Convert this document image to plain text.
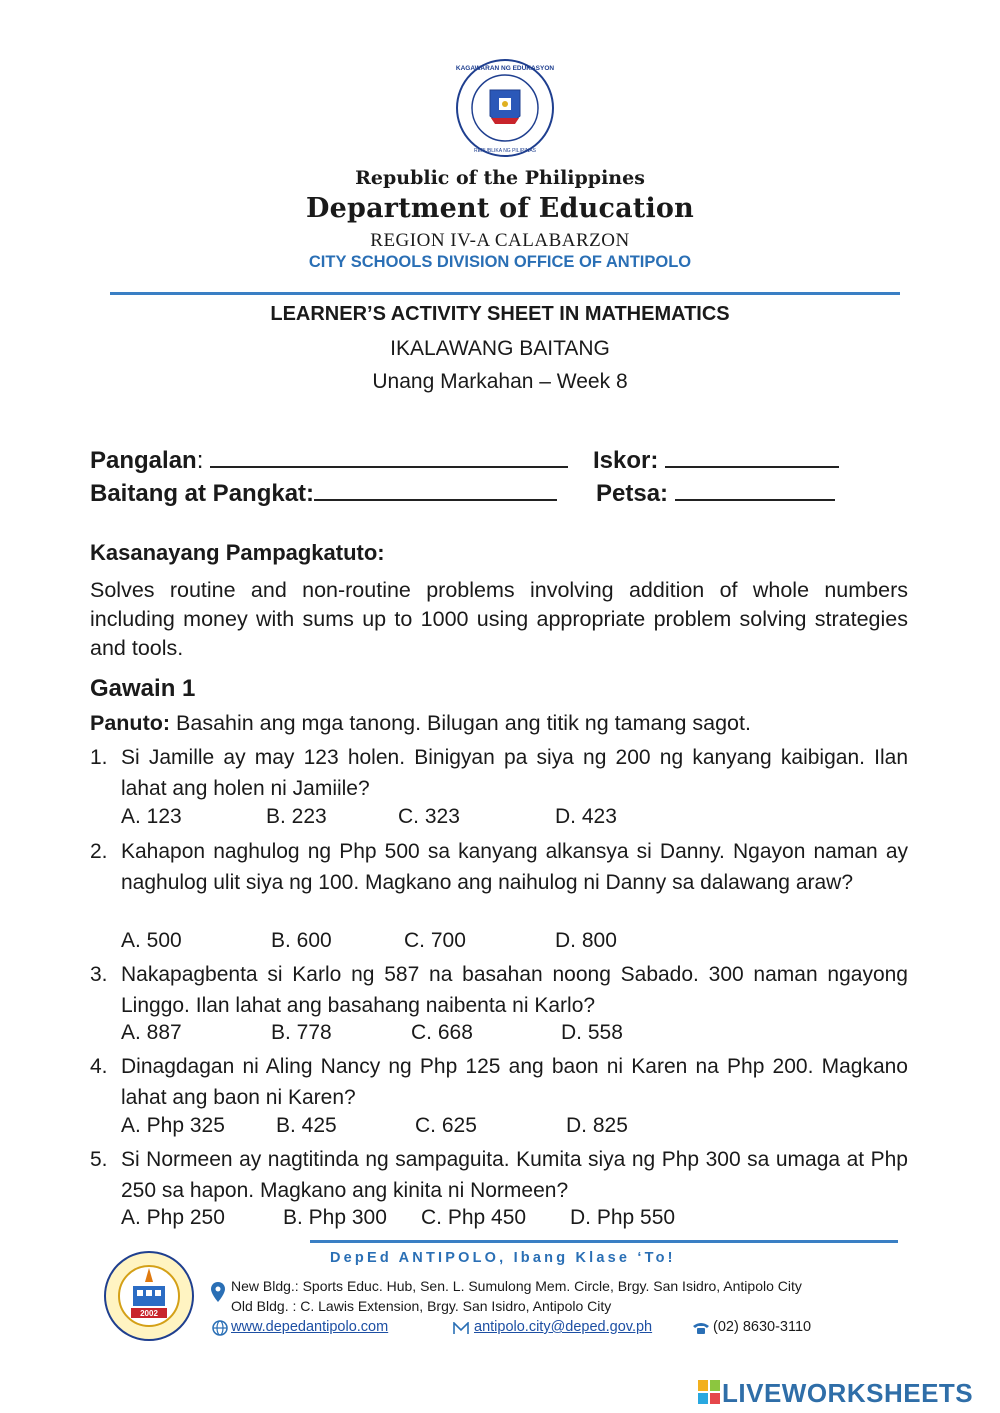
KAGAWARAN NG EDUKASYON
REPUBLIKA NG PILIPINAS
Republic of the Philippines
Department of Education
REGION IV-A CALABARZON
CITY SCHOOLS DIVISION OFFICE OF ANTIPOLO
LEARNER’S ACTIVITY SHEET IN MATHEMATICS
IKALAWANG BAITANG
Unang Markahan – Week 8
Pangalan:	Iskor:
Baitang at Pangkat:	Petsa:
Kasanayang Pampagkatuto:
Solves routine and non-routine problems involving addition of whole numbers including money with sums up to 1000 using appropriate problem solving strategies and tools.
Gawain 1
Panuto: Basahin ang mga tanong. Bilugan ang titik ng tamang sagot.
1. Si Jamille ay may 123 holen. Binigyan pa siya ng 200 ng kanyang kaibigan. Ilan lahat ang holen ni Jamiile?
A. 123	B. 223	C. 323	D. 423
2. Kahapon naghulog ng Php 500 sa kanyang alkansya si Danny. Ngayon naman ay naghulog ulit siya ng 100. Magkano ang naihulog ni Danny sa dalawang araw?
A. 500	B. 600	C. 700	D. 800
3. Nakapagbenta si Karlo ng 587 na basahan noong Sabado. 300 naman ngayong Linggo. Ilan lahat ang basahang naibenta ni Karlo?
A. 887	B. 778	C. 668	D. 558
4. Dinagdagan ni Aling Nancy ng Php 125 ang baon ni Karen na Php 200. Magkano lahat ang baon ni Karen?
A. Php 325 B. 425	C. 625	D. 825
5. Si Normeen ay nagtitinda ng sampaguita. Kumita siya ng Php 300 sa umaga at Php 250 sa hapon. Magkano ang kinita ni Normeen?
A. Php 250	B. Php 300 C. Php 450 D. Php 550
DepEd ANTIPOLO, Ibang Klase ‘To!
2002
New Bldg.: Sports Educ. Hub, Sen. L. Sumulong Mem. Circle, Brgy. San Isidro, Antipolo City
Old Bldg. : C. Lawis Extension, Brgy. San Isidro, Antipolo City
www.depedantipolo.com	antipolo.city@deped.gov.ph	(02) 8630-3110
LIVEWORKSHEETS
